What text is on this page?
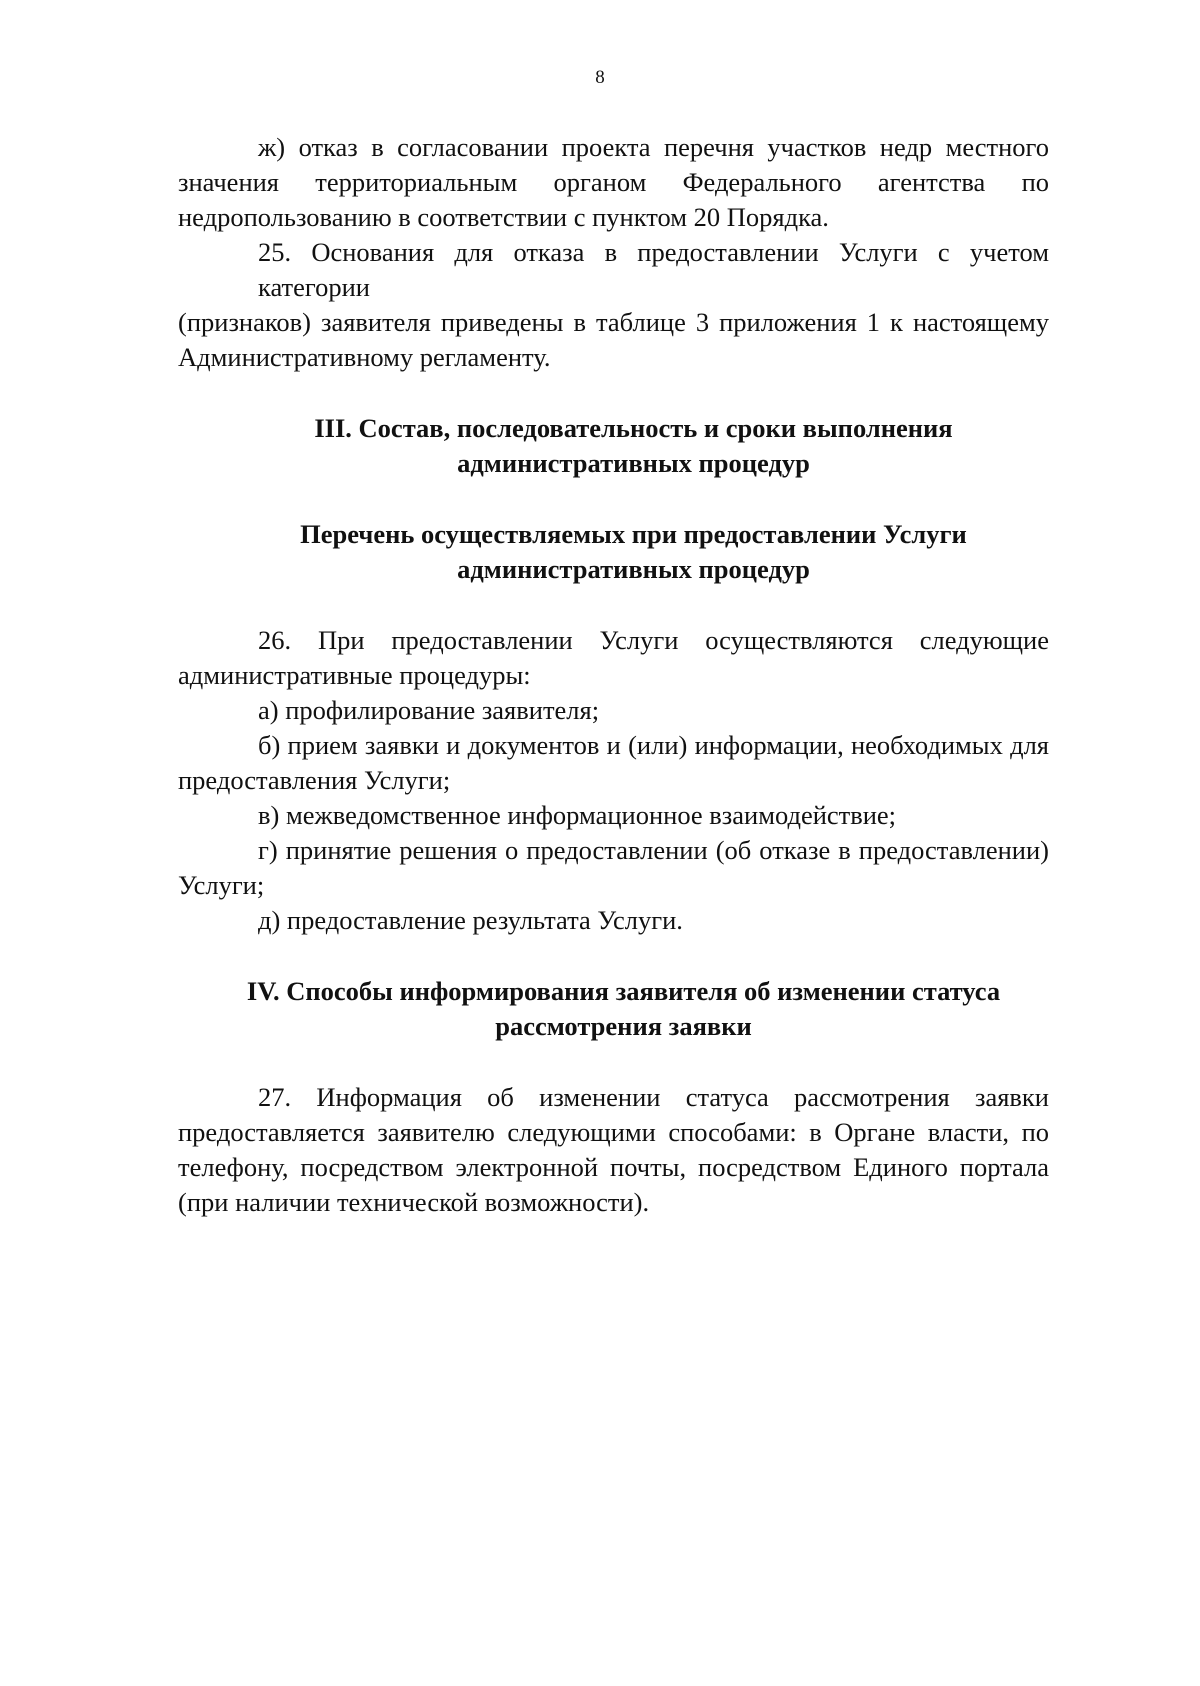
8
ж) отказ в согласовании проекта перечня участков недр местного
значения территориальным органом Федерального агентства по
недропользованию в соответствии с пунктом 20 Порядка.
25. Основания для отказа в предоставлении Услуги с учетом категории
(признаков) заявителя приведены в таблице 3 приложения 1 к настоящему
Административному регламенту.
III. Состав, последовательность и сроки выполнения
административных процедур
Перечень осуществляемых при предоставлении Услуги
административных процедур
26. При предоставлении Услуги осуществляются следующие
административные процедуры:
а) профилирование заявителя;
б) прием заявки и документов и (или) информации, необходимых для
предоставления Услуги;
в) межведомственное информационное взаимодействие;
г) принятие решения о предоставлении (об отказе в предоставлении)
Услуги;
д) предоставление результата Услуги.
IV. Способы информирования заявителя об изменении статуса
рассмотрения заявки
27. Информация об изменении статуса рассмотрения заявки
предоставляется заявителю следующими способами: в Органе власти, по
телефону, посредством электронной почты, посредством Единого портала
(при наличии технической возможности).
